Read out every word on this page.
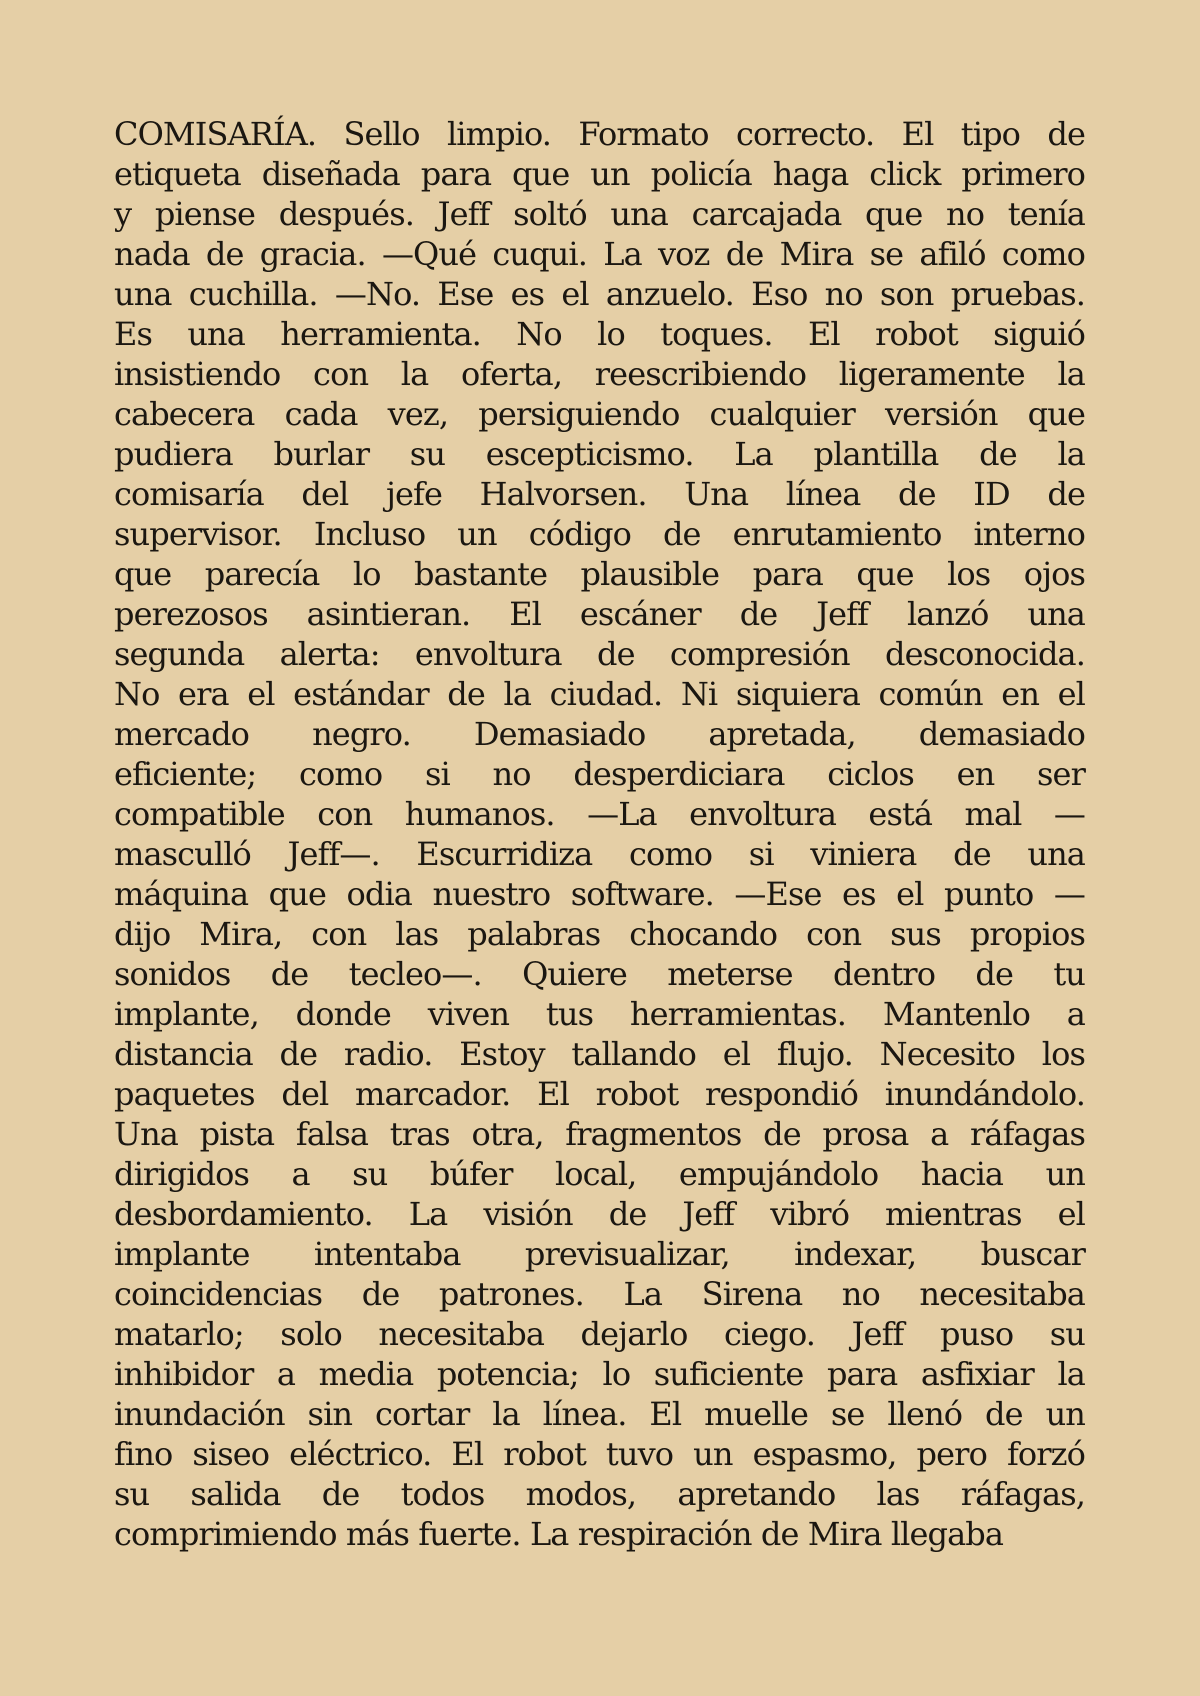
COMISARÍA. Sello limpio. Formato correcto. El tipo de
etiqueta diseñada para que un policía haga click primero
y piense después. Jeff soltó una carcajada que no tenía
nada de gracia. —Qué cuqui. La voz de Mira se afiló como
una cuchilla. —No. Ese es el anzuelo. Eso no son pruebas.
Es una herramienta. No lo toques. El robot siguió
insistiendo con la oferta, reescribiendo ligeramente la
cabecera cada vez, persiguiendo cualquier versión que
pudiera burlar su escepticismo. La plantilla de la
comisaría del jefe Halvorsen. Una línea de ID de
supervisor. Incluso un código de enrutamiento interno
que parecía lo bastante plausible para que los ojos
perezosos asintieran. El escáner de Jeff lanzó una
segunda alerta: envoltura de compresión desconocida.
No era el estándar de la ciudad. Ni siquiera común en el
mercado negro. Demasiado apretada, demasiado
eficiente; como si no desperdiciara ciclos en ser
compatible con humanos. —La envoltura está mal —
masculló Jeff—. Escurridiza como si viniera de una
máquina que odia nuestro software. —Ese es el punto —
dijo Mira, con las palabras chocando con sus propios
sonidos de tecleo—. Quiere meterse dentro de tu
implante, donde viven tus herramientas. Mantenlo a
distancia de radio. Estoy tallando el flujo. Necesito los
paquetes del marcador. El robot respondió inundándolo.
Una pista falsa tras otra, fragmentos de prosa a ráfagas
dirigidos a su búfer local, empujándolo hacia un
desbordamiento. La visión de Jeff vibró mientras el
implante intentaba previsualizar, indexar, buscar
coincidencias de patrones. La Sirena no necesitaba
matarlo; solo necesitaba dejarlo ciego. Jeff puso su
inhibidor a media potencia; lo suficiente para asfixiar la
inundación sin cortar la línea. El muelle se llenó de un
fino siseo eléctrico. El robot tuvo un espasmo, pero forzó
su salida de todos modos, apretando las ráfagas,
comprimiendo más fuerte. La respiración de Mira llegaba
